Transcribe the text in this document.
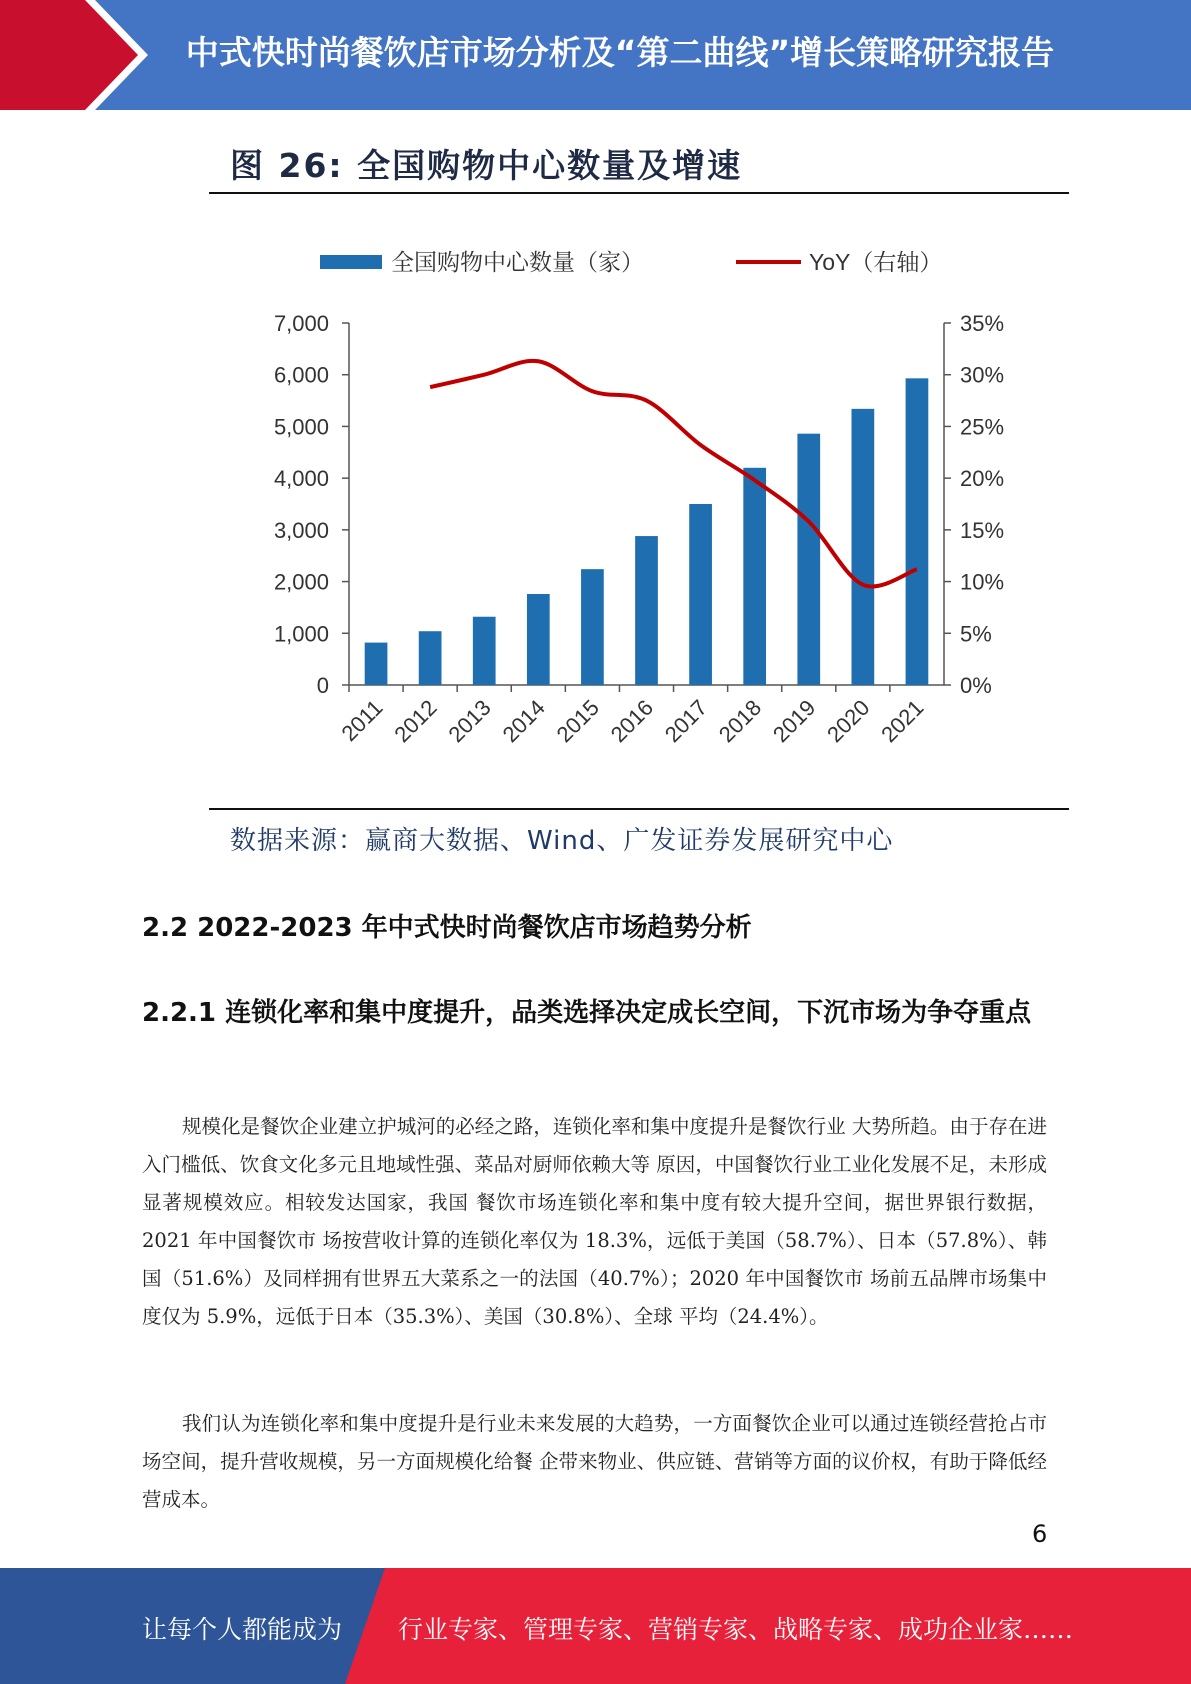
中式快时尚餐饮店市场分析及“第二曲线”增长策略研究报告
图 26: 全国购物中心数量及增速
全国购物中心数量（家）	YoY（右轴）
0
1,000
2,000
3,000
4,000
5,000
6,000
7,000
0%
5%
10%
15%
20%
25%
30%
35%
2011 2012 2013 2014 2015 2016 2017 2018 2019 2020 2021
数据来源：赢商大数据、Wind、广发证券发展研究中心
2.2 2022-2023 年中式快时尚餐饮店市场趋势分析
2.2.1 连锁化率和集中度提升，品类选择决定成长空间，下沉市场为争夺重点
规模化是餐饮企业建立护城河的必经之路，连锁化率和集中度提升是餐饮行业 大势所趋。由于存在进入门槛低、饮食文化多元且地域性强、菜品对厨师依赖大等 原因，中国餐饮行业工业化发展不足，未形成显著规模效应。相较发达国家，我国 餐饮市场连锁化率和集中度有较大提升空间，据世界银行数据，2021 年中国餐饮市 场按营收计算的连锁化率仅为 18.3%，远低于美国（58.7%）、日本（57.8%）、韩 国（51.6%）及同样拥有世界五大菜系之一的法国（40.7%）；2020 年中国餐饮市 场前五品牌市场集中度仅为 5.9%，远低于日本（35.3%）、美国（30.8%）、全球 平均（24.4%）。
我们认为连锁化率和集中度提升是行业未来发展的大趋势，一方面餐饮企业可以通过连锁经营抢占市场空间，提升营收规模，另一方面规模化给餐 企带来物业、供应链、营销等方面的议价权，有助于降低经营成本。
6
让每个人都能成为 行业专家、管理专家、营销专家、战略专家、成功企业家……
